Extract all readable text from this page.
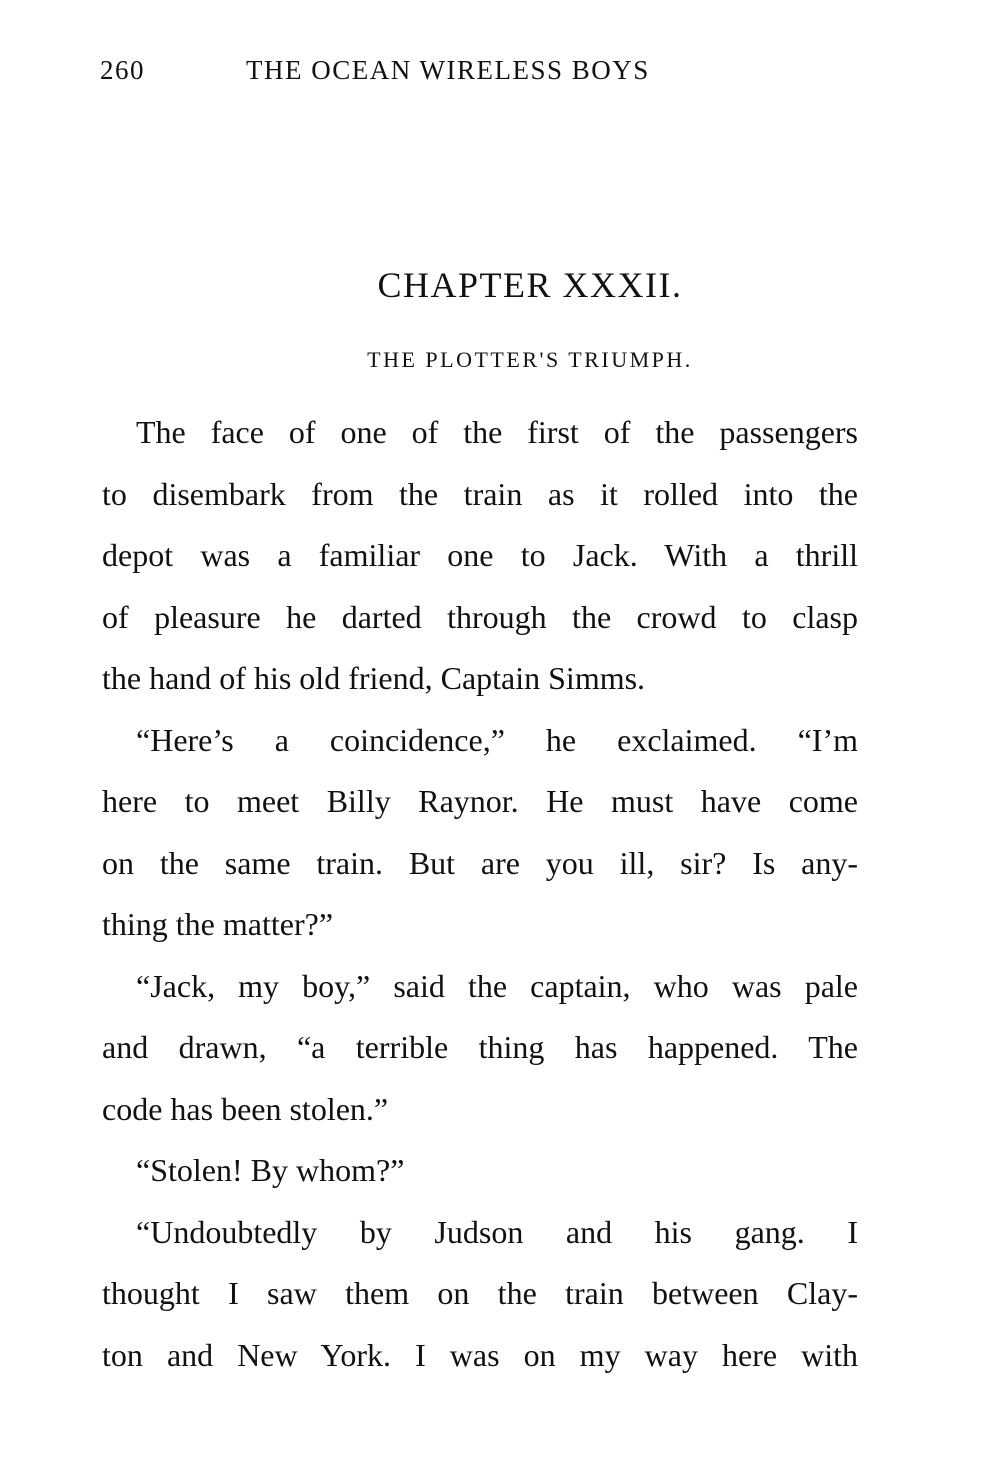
260	THE OCEAN WIRELESS BOYS
CHAPTER XXXII.
THE PLOTTER'S TRIUMPH.
The face of one of the first of the passengers
to disembark from the train as it rolled into the
depot was a familiar one to Jack. With a thrill
of pleasure he darted through the crowd to clasp
the hand of his old friend, Captain Simms.
“Here’s a coincidence,” he exclaimed. “I’m
here to meet Billy Raynor. He must have come
on the same train. But are you ill, sir? Is any-
thing the matter?”
“Jack, my boy,” said the captain, who was pale
and drawn, “a terrible thing has happened. The
code has been stolen.”
“Stolen! By whom?”
“Undoubtedly by Judson and his gang. I
thought I saw them on the train between Clay-
ton and New York. I was on my way here with
